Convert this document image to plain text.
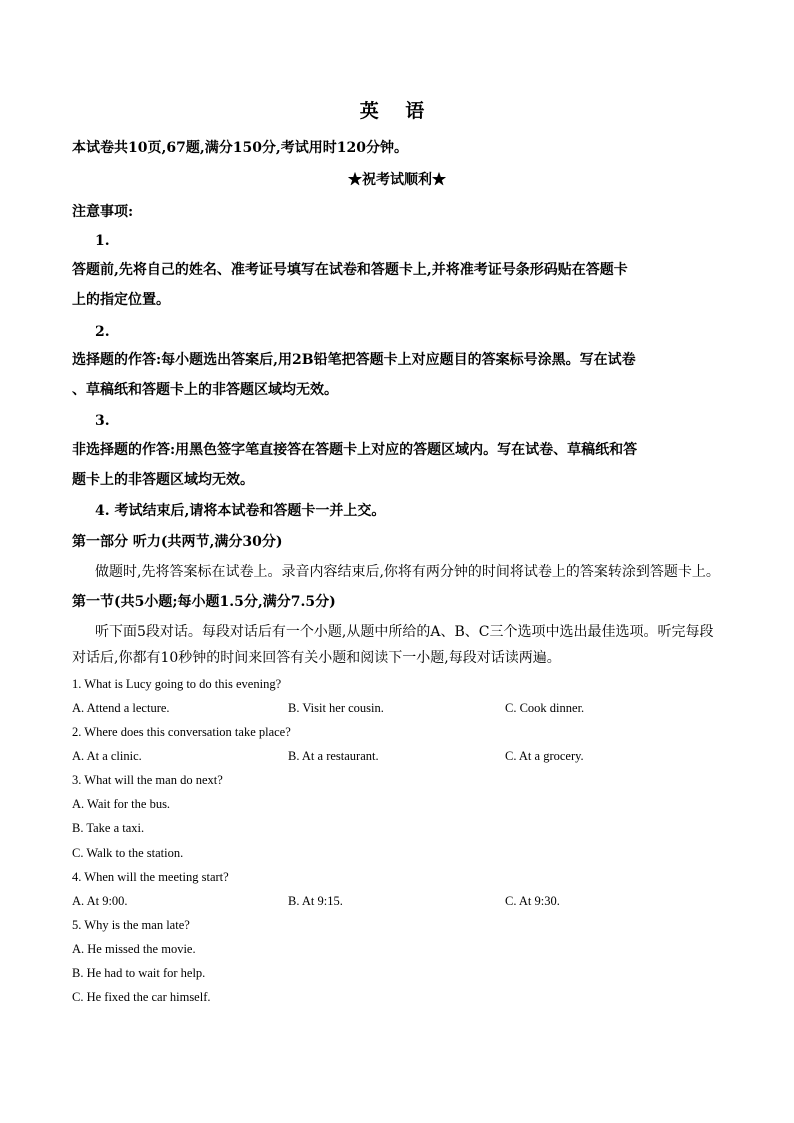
英 语
本试卷共10页,67题,满分150分,考试用时120分钟。
★祝考试顺利★
注意事项:
1.
答题前,先将自己的姓名、准考证号填写在试卷和答题卡上,并将准考证号条形码贴在答题卡
上的指定位置。
2.
选择题的作答:每小题选出答案后,用2B铅笔把答题卡上对应题目的答案标号涂黑。写在试卷
、草稿纸和答题卡上的非答题区域均无效。
3.
非选择题的作答:用黑色签字笔直接答在答题卡上对应的答题区域内。写在试卷、草稿纸和答
题卡上的非答题区域均无效。
4. 考试结束后,请将本试卷和答题卡一并上交。
第一部分 听力(共两节,满分30分)
做题时,先将答案标在试卷上。录音内容结束后,你将有两分钟的时间将试卷上的答案转涂到答题卡上。
第一节(共5小题;每小题1.5分,满分7.5分)
听下面5段对话。每段对话后有一个小题,从题中所给的A、B、C三个选项中选出最佳选项。听完每段
对话后,你都有10秒钟的时间来回答有关小题和阅读下一小题,每段对话读两遍。
1. What is Lucy going to do this evening?
A. Attend a lecture.	B. Visit her cousin.	C. Cook dinner.
2. Where does this conversation take place?
A. At a clinic.	B. At a restaurant.	C. At a grocery.
3. What will the man do next?
A. Wait for the bus.
B. Take a taxi.
C. Walk to the station.
4. When will the meeting start?
A. At 9:00.	B. At 9:15.	C. At 9:30.
5. Why is the man late?
A. He missed the movie.
B. He had to wait for help.
C. He fixed the car himself.
